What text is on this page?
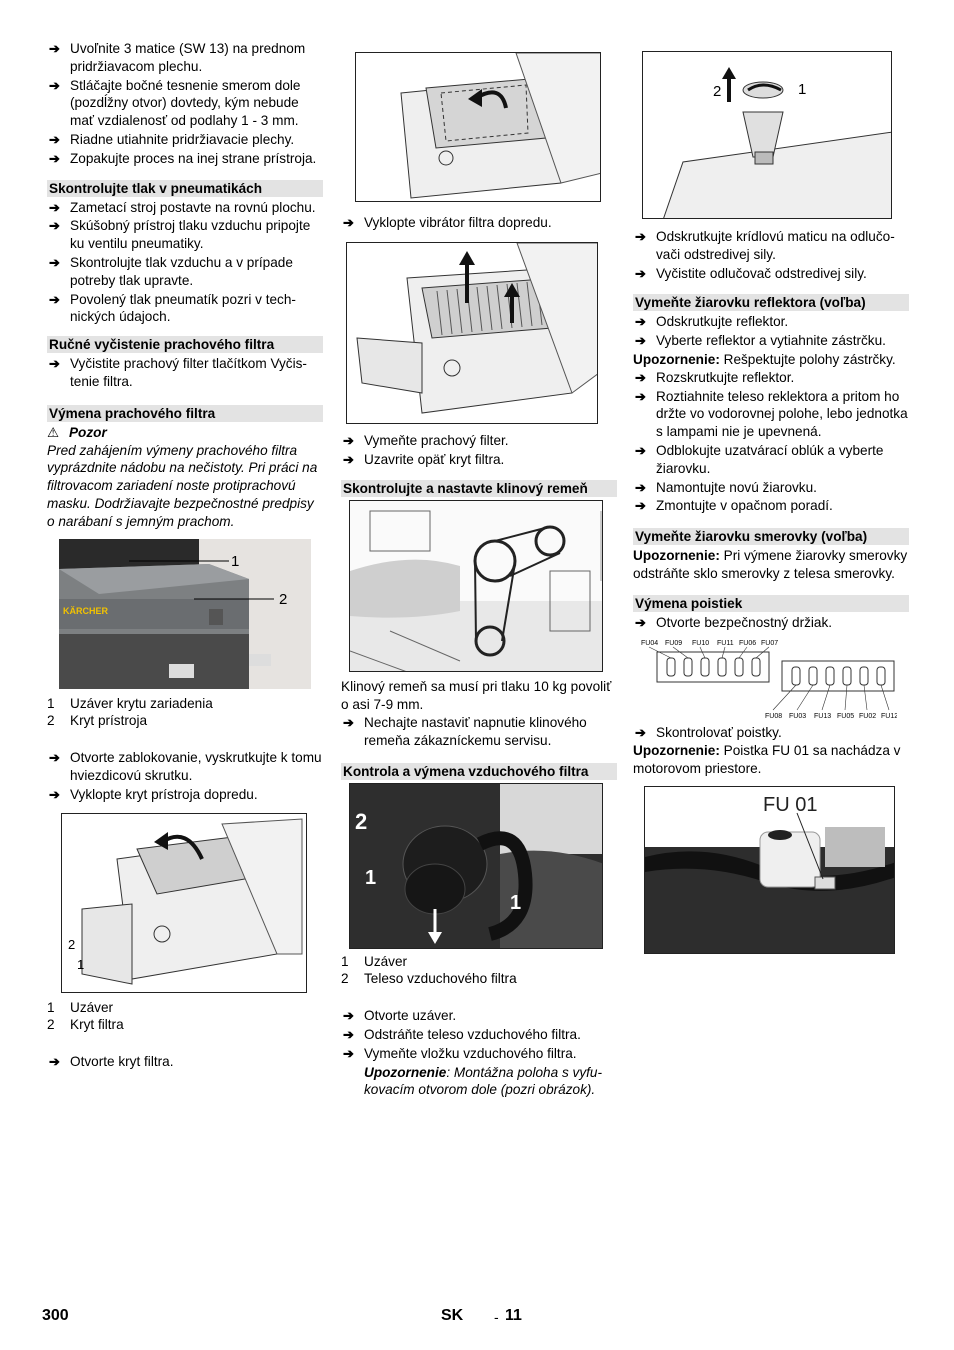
➔ Uvoľnite 3 matice (SW 13) na prednom pridržiavacom plechu.

➔ Stláčajte bočné tesnenie smerom dole (pozdĺžny otvor) dovtedy, kým nebude mať vzdialenosť od podlahy 1 - 3 mm.

➔ Riadne utiahnite pridržiavacie plechy.

➔ Zopakujte proces na inej strane prístroja.

Skontrolujte tlak v pneumatikách

➔ Zametací stroj postavte na rovnú plochu.

➔ Skúšobný prístroj tlaku vzduchu pripojte ku ventilu pneumatiky.

➔ Skontrolujte tlak vzduchu a v prípade potreby tlak upravte.

➔ Povolený tlak pneumatík pozri v technických údajoch.

Ručné vyčistenie prachového filtra

➔ Vyčistite prachový filter tlačítkom Vyčistenie filtra.

Výmena prachového filtra

⚠ Pozor

Pred zahájením výmeny prachového filtra vyprázdnite nádobu na nečistoty. Pri práci na filtrovacom zariadení noste protiprachovú masku. Dodržiavajte bezpečnostné predpisy o narábaní s jemným prachom.

KÄRCHER
1
2

1 Uzáver krytu zariadenia

2 Kryt prístroja

➔ Otvorte zablokovanie, vyskrutkujte k tomu hviezdicovú skrutku.

➔ Vyklopte kryt prístroja dopredu.

2
1

1 Uzáver

2 Kryt filtra

➔ Otvorte kryt filtra.

➔ Vyklopte vibrátor filtra dopredu.

➔ Vymeňte prachový filter.

➔ Uzavrite opäť kryt filtra.

Skontrolujte a nastavte klinový remeň

Klinový remeň sa musí pri tlaku 10 kg povoliť o asi 7-9 mm.

➔ Nechajte nastaviť napnutie klinového remeňa zákazníckemu servisu.

Kontrola a výmena vzduchového filtra

2
1
1

1 Uzáver

2 Teleso vzduchového filtra

➔ Otvorte uzáver.

➔ Odstráňte teleso vzduchového filtra.

➔ Vymeňte vložku vzduchového filtra.

Upozornenie: Montážna poloha s vyfukovacím otvorom dole (pozri obrázok).

2	1

➔ Odskrutkujte krídlovú maticu na odlučovači odstredivej sily.

➔ Vyčistite odlučovač odstredivej sily.

Vymeňte žiarovku reflektora (voľba)

➔ Odskrutkujte reflektor.

➔ Vyberte reflektor a vytiahnite zástrčku.

Upozornenie: Rešpektujte polohy zástrčky.

➔ Rozskrutkujte reflektor.

➔ Roztiahnite teleso reklektora a pritom ho držte vo vodorovnej polohe, lebo jednotka s lampami nie je upevnená.

➔ Odblokujte uzatvárací oblúk a vyberte žiarovku.

➔ Namontujte novú žiarovku.

➔ Zmontujte v opačnom poradí.

Vymeňte žiarovku smerovky (voľba)

Upozornenie: Pri výmene žiarovky smerovky odstráňte sklo smerovky z telesa smerovky.

Výmena poistiek

➔ Otvorte bezpečnostný držiak.

FU04 FU09 FU10 FU11 FU06 FU07
FU08 FU03 FU13 FU05 FU02 FU12

➔ Skontrolovať poistky.

Upozornenie: Poistka FU 01 sa nachádza v motorovom priestore.

FU 01
300	SK - 11
